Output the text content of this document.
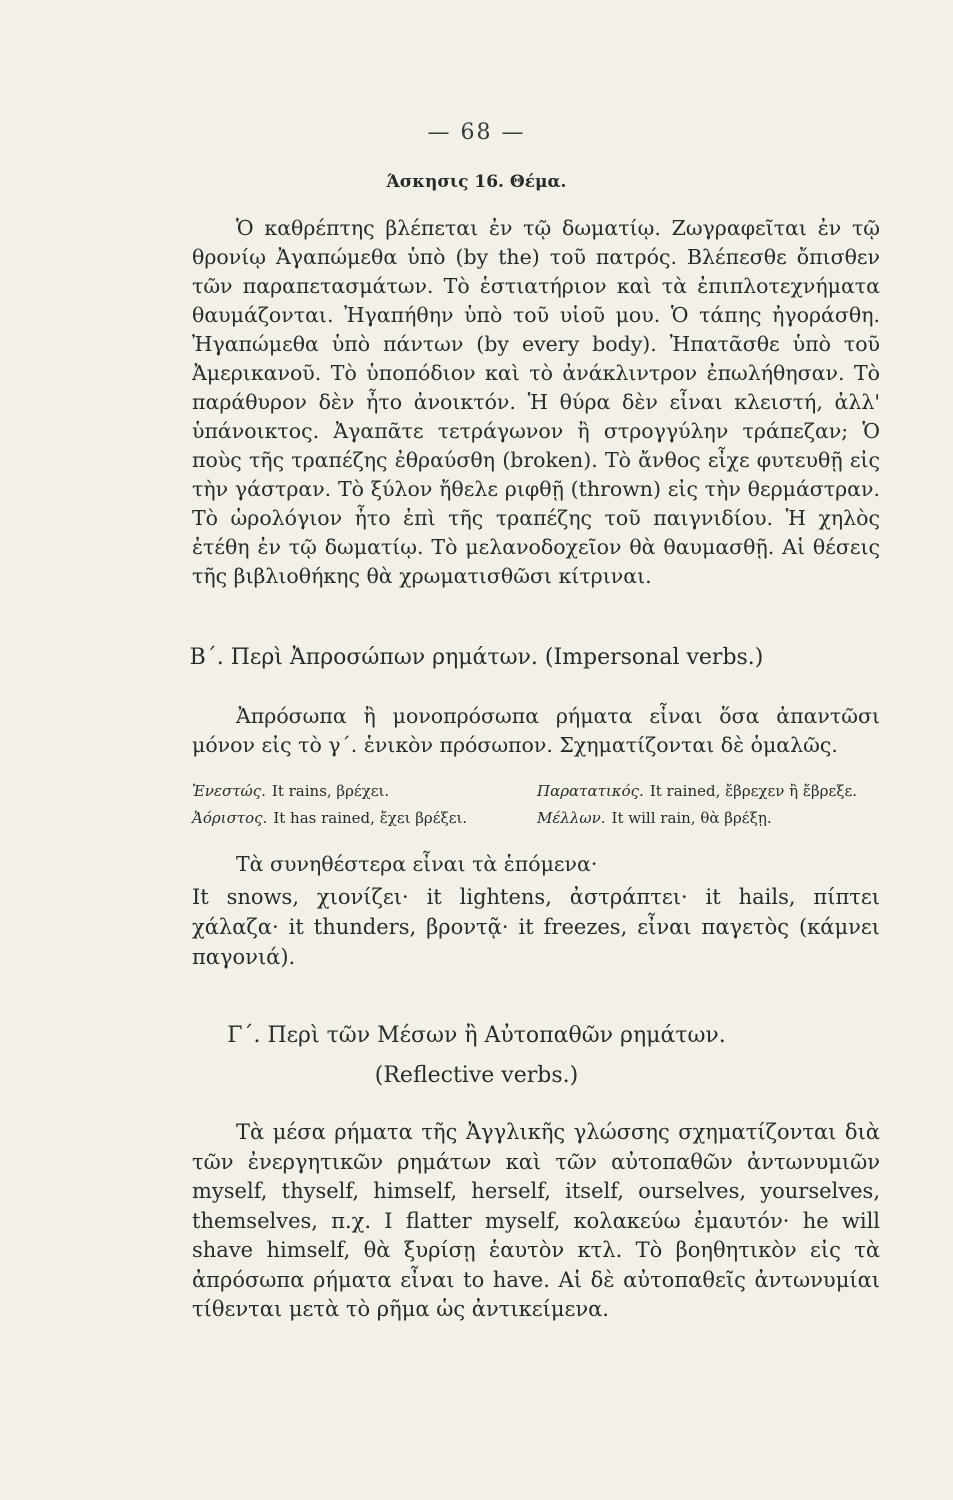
— 68 —
Άσκησις 16. Θέμα.

Ὁ καθρέπτης βλέπεται ἐν τῷ δωματίῳ. Ζωγραφεῖται ἐν τῷ θρονίῳ Ἀγαπώμεθα ὑπὸ (by the) τοῦ πατρός. Βλέπεσθε ὄπισθεν τῶν παραπετασμάτων. Τὸ ἑστιατήριον καὶ τὰ ἐπιπλοτεχνήματα θαυμάζονται. Ἠγαπήθην ὑπὸ τοῦ υἱοῦ μου. Ὁ τάπης ἠγοράσθη. Ἠγαπώμεθα ὑπὸ πάντων (by every body). Ἠπατᾶσθε ὑπὸ τοῦ Ἀμερικανοῦ. Τὸ ὑποπόδιον καὶ τὸ ἀνάκλιντρον ἐπωλήθησαν. Τὸ παράθυρον δὲν ἦτο ἀνοικτόν. Ἡ θύρα δὲν εἶναι κλειστή, ἀλλ' ὑπάνοικτος. Ἀγαπᾶτε τετράγωνον ἢ στρογγύλην τράπεζαν; Ὁ ποὺς τῆς τραπέζης ἐθραύσθη (broken). Τὸ ἄνθος εἶχε φυτευθῇ εἰς τὴν γάστραν. Τὸ ξύλον ἤθελε ριφθῇ (thrown) εἰς τὴν θερμάστραν. Τὸ ὡρολόγιον ἦτο ἐπὶ τῆς τραπέζης τοῦ παιγνιδίου. Ἡ χηλὸς ἐτέθη ἐν τῷ δωματίῳ. Τὸ μελανοδοχεῖον θὰ θαυμασθῇ. Αἱ θέσεις τῆς βιβλιοθήκης θὰ χρωματισθῶσι κίτριναι.

Β΄. Περὶ Ἀπροσώπων ρημάτων. (Impersonal verbs.)

Ἀπρόσωπα ἢ μονοπρόσωπα ρήματα εἶναι ὅσα ἀπαντῶσι μόνον εἰς τὸ γ΄. ἑνικὸν πρόσωπον. Σχηματίζονται δὲ ὁμαλῶς.

Ἐνεστώς. It rains, βρέχει.	Παρατατικός. It rained, ἔβρεχεν ἢ ἔβρεξε.
Ἀόριστος. It has rained, ἔχει βρέξει.	Μέλλων. It will rain, θὰ βρέξῃ.

Τὰ συνηθέστερα εἶναι τὰ ἑπόμενα·

It snows, χιονίζει· it lightens, ἀστράπτει· it hails, πίπτει χάλαζα· it thunders, βροντᾷ· it freezes, εἶναι παγετὸς (κάμνει παγονιά).

Γ΄. Περὶ τῶν Μέσων ἢ Αὐτοπαθῶν ρημάτων.
(Reflective verbs.)

Τὰ μέσα ρήματα τῆς Ἀγγλικῆς γλώσσης σχηματίζονται διὰ τῶν ἐνεργητικῶν ρημάτων καὶ τῶν αὐτοπαθῶν ἀντωνυμιῶν myself, thyself, himself, herself, itself, ourselves, yourselves, themselves, π.χ. I flatter myself, κολακεύω ἐμαυτόν· he will shave himself, θὰ ξυρίσῃ ἑαυτὸν κτλ. Τὸ βοηθητικὸν εἰς τὰ ἀπρόσωπα ρήματα εἶναι to have. Αἱ δὲ αὐτοπαθεῖς ἀντωνυμίαι τίθενται μετὰ τὸ ρῆμα ὡς ἀντικείμενα.
